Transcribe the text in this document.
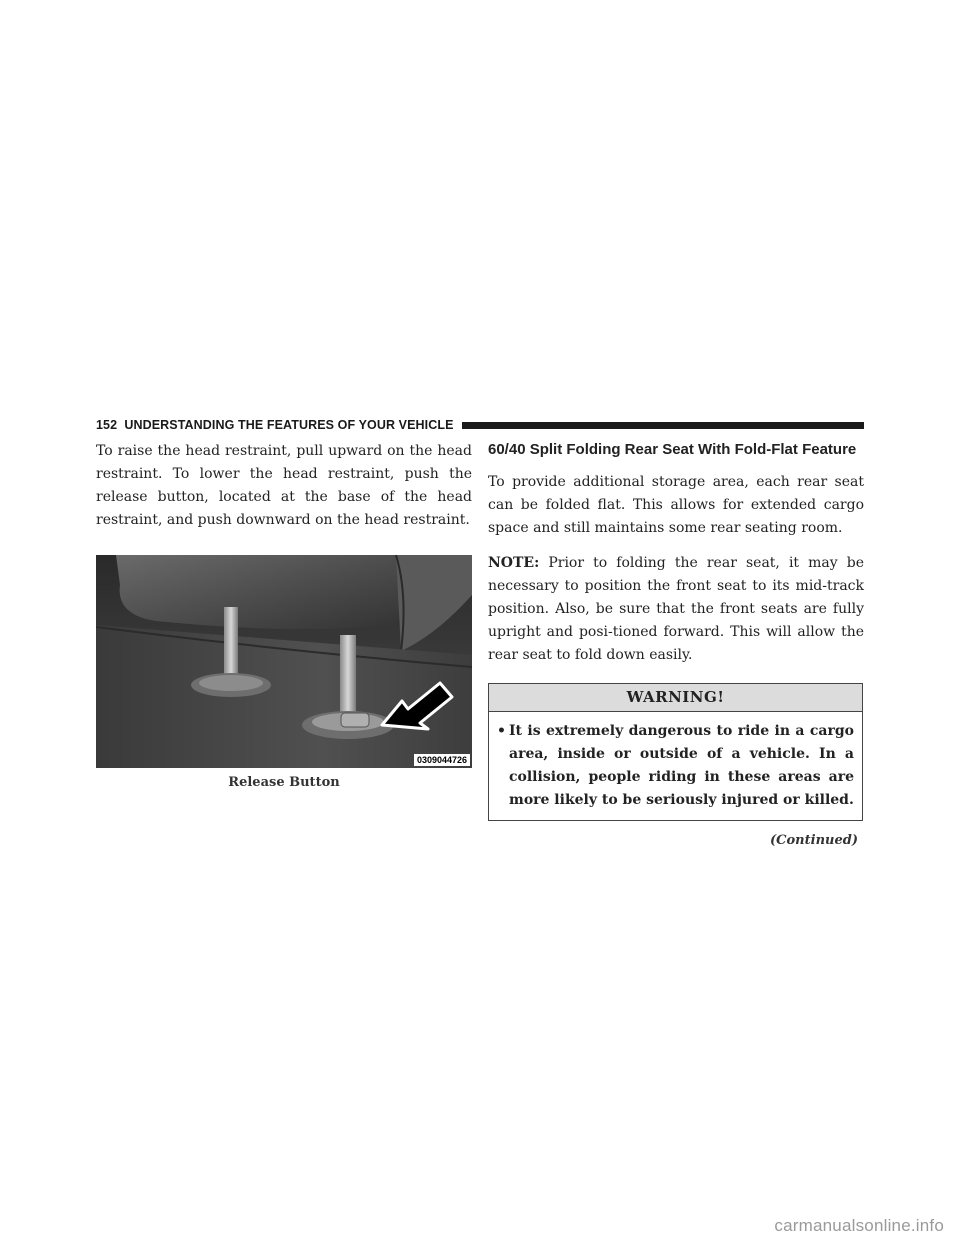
152 UNDERSTANDING THE FEATURES OF YOUR VEHICLE

To raise the head restraint, pull upward on the head restraint. To lower the head restraint, push the release button, located at the base of the head restraint, and push downward on the head restraint.

0309044726
Release Button
60/40 Split Folding Rear Seat With Fold-Flat Feature

To provide additional storage area, each rear seat can be folded flat. This allows for extended cargo space and still maintains some rear seating room.

NOTE: Prior to folding the rear seat, it may be necessary to position the front seat to its mid-track position. Also, be sure that the front seats are fully upright and posi-tioned forward. This will allow the rear seat to fold down easily.

WARNING!
• It is extremely dangerous to ride in a cargo area, inside or outside of a vehicle. In a collision, people riding in these areas are more likely to be seriously injured or killed.

(Continued)
carmanualsonline.info
